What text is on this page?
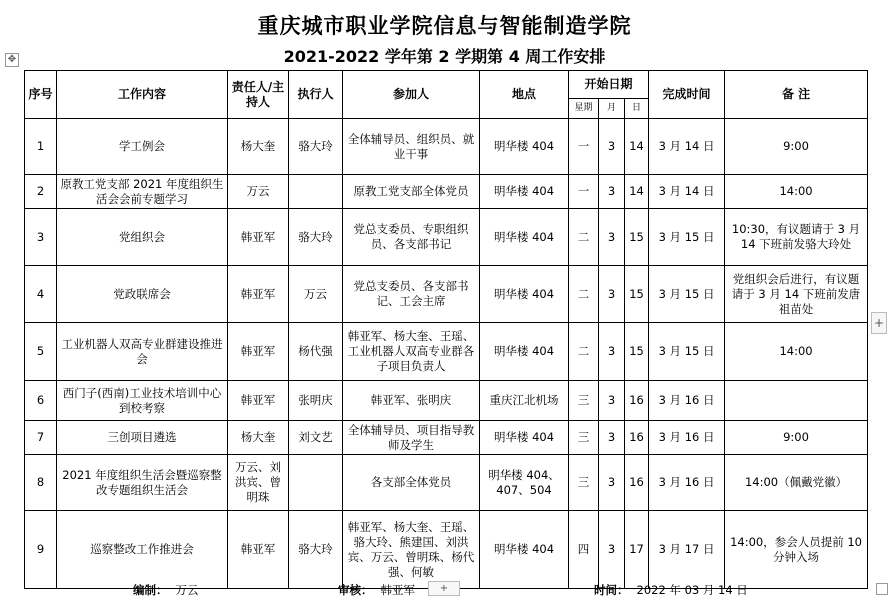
重庆城市职业学院信息与智能制造学院
2021-2022 学年第 2 学期第 4 周工作安排
✥
序号	工作内容	责任人/主持人	执行人	参加人	地点	开始日期			完成时间	备 注
						星期	月	日		
1	学工例会	杨大奎	骆大玲	全体辅导员、组织员、就业干事	明华楼 404	一	3	14	3 月 14 日	9:00
2	原教工党支部 2021 年度组织生活会会前专题学习	万云		原教工党支部全体党员	明华楼 404	一	3	14	3 月 14 日	14:00
3	党组织会	韩亚军	骆大玲	党总支委员、专职组织员、各支部书记	明华楼 404	二	3	15	3 月 15 日	10:30，有议题请于 3 月 14 下班前发骆大玲处
4	党政联席会	韩亚军	万云	党总支委员、各支部书记、工会主席	明华楼 404	二	3	15	3 月 15 日	党组织会后进行，有议题请于 3 月 14 下班前发唐祖苗处
5	工业机器人双高专业群建设推进会	韩亚军	杨代强	韩亚军、杨大奎、王瑶、工业机器人双高专业群各子项目负责人	明华楼 404	二	3	15	3 月 15 日	14:00
6	西门子(西南)工业技术培训中心到校考察	韩亚军	张明庆	韩亚军、张明庆	重庆江北机场	三	3	16	3 月 16 日	
7	三创项目遴选	杨大奎	刘文艺	全体辅导员、项目指导教师及学生	明华楼 404	三	3	16	3 月 16 日	9:00
8	2021 年度组织生活会暨巡察整改专题组织生活会	万云、刘洪宾、曾明珠		各支部全体党员	明华楼 404、407、504	三	3	16	3 月 16 日	14:00（佩戴党徽）
9	巡察整改工作推进会	韩亚军	骆大玲	韩亚军、杨大奎、王瑶、骆大玲、熊建国、刘洪宾、万云、曾明珠、杨代强、何敏	明华楼 404	四	3	17	3 月 17 日	14:00，参会人员提前 10 分钟入场
+
编制： 万云	审核： 韩亚军	+	时间： 2022 年 03 月 14 日
